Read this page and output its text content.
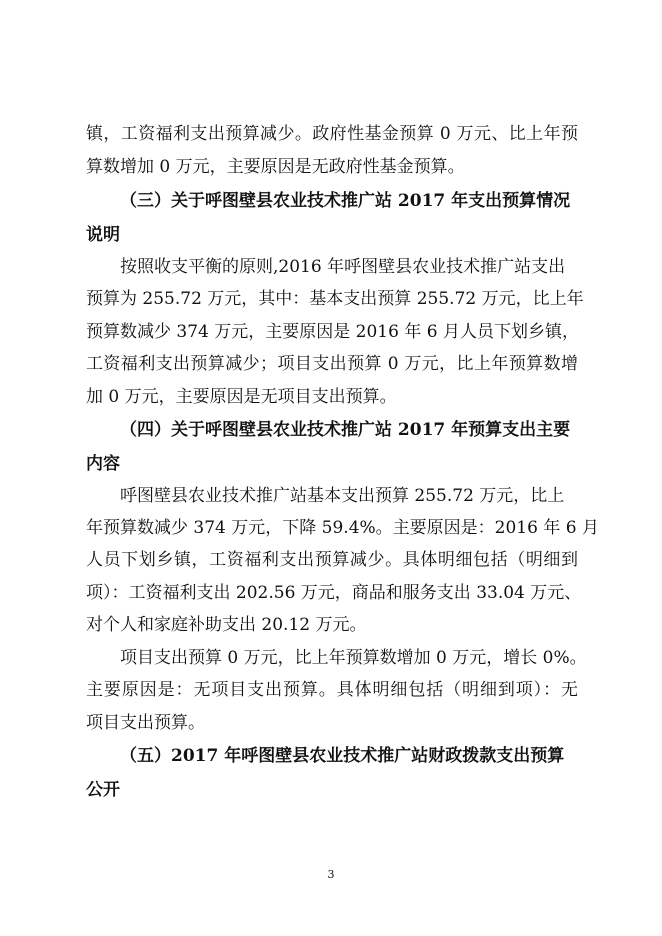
镇，工资福利支出预算减少。政府性基金预算 0 万元、比上年预
算数增加 0 万元，主要原因是无政府性基金预算。
（三）关于呼图壁县农业技术推广站 2017 年支出预算情况
说明
按照收支平衡的原则,2016 年呼图壁县农业技术推广站支出
预算为 255.72 万元，其中：基本支出预算 255.72 万元，比上年
预算数减少 374 万元，主要原因是 2016 年 6 月人员下划乡镇，
工资福利支出预算减少；项目支出预算 0 万元，比上年预算数增
加 0 万元，主要原因是无项目支出预算。
（四）关于呼图壁县农业技术推广站 2017 年预算支出主要
内容
呼图壁县农业技术推广站基本支出预算 255.72 万元，比上
年预算数减少 374 万元，下降 59.4%。主要原因是：2016 年 6 月
人员下划乡镇，工资福利支出预算减少。具体明细包括（明细到
项）：工资福利支出 202.56 万元，商品和服务支出 33.04 万元、
对个人和家庭补助支出 20.12 万元。
项目支出预算 0 万元，比上年预算数增加 0 万元，增长 0%。
主要原因是：无项目支出预算。具体明细包括（明细到项）：无
项目支出预算。
（五）2017 年呼图壁县农业技术推广站财政拨款支出预算
公开
3
